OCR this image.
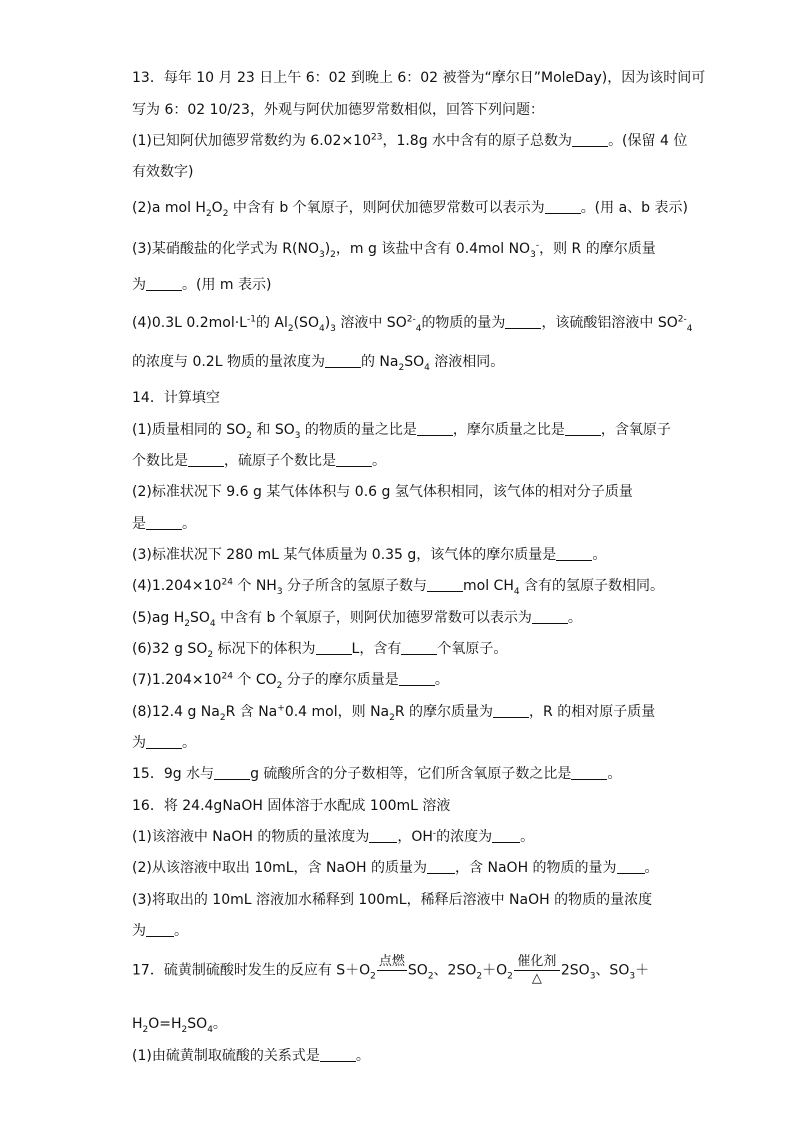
13．每年 10 月 23 日上午 6：02 到晚上 6：02 被誉为“摩尔日”MoleDay)，因为该时间可
写为 6：02 10/23，外观与阿伏加德罗常数相似，回答下列问题：
(1)已知阿伏加德罗常数约为 $6.02\times 10^{23}$，1.8g 水中含有的原子总数为	。(保留 4 位
有效数字)
(2)a mol $H_2O_2$ 中含有 b 个氧原子，则阿伏加德罗常数可以表示为	。(用 a、b 表示)
(3)某硝酸盐的化学式为 $R(NO_3)_2$，m g 该盐中含有 0.4mol $NO_3^-$，则 R 的摩尔质量
为	。(用 m 表示)
(4)0.3L $0.2mol\cdot L^{-1}$的 $Al_2(SO_4)_3$ 溶液中 $SO^{2-}_4$的物质的量为	，该硫酸铝溶液中 $SO^{2-}_4$
的浓度与 0.2L 物质的量浓度为	的 $Na_2SO_4$ 溶液相同。
14．计算填空
(1)质量相同的 $SO_2$ 和 $SO_3$ 的物质的量之比是	，摩尔质量之比是	，含氧原子
个数比是	，硫原子个数比是	。
(2)标准状况下 9.6 g 某气体体积与 0.6 g 氢气体积相同，该气体的相对分子质量
是	。
(3)标准状况下 280 mL 某气体质量为 0.35 g，该气体的摩尔质量是	。
$(4)1.204\times 10^{24}$ 个 $NH_3$ 分子所含的氢原子数与	mol $CH_4$ 含有的氢原子数相同。
(5)ag $H_2SO_4$ 中含有 b 个氧原子，则阿伏加德罗常数可以表示为	。
(6)32 g $SO_2$ 标况下的体积为	L，含有	个氧原子。
$(7)1.204\times 10^{24}$ 个 $CO_2$ 分子的摩尔质量是	。
(8)12.4 g $Na_2R$ 含 Na+0.4 mol，则 $Na_2R$ 的摩尔质量为	，R 的相对原子质量
为	。
15．9g 水与	g 硫酸所含的分子数相等，它们所含氧原子数之比是	。
16．将 24.4gNaOH 固体溶于水配成 100mL 溶液
(1)该溶液中 NaOH 的物质的量浓度为 ，OH-的浓度为 。
(2)从该溶液中取出 10mL，含 NaOH 的质量为 ，含 NaOH 的物质的量为 。
(3)将取出的 10mL 溶液加水稀释到 100mL，稀释后溶液中 NaOH 的物质的量浓度
为 。
17．硫黄制硫酸时发生的反应有 $S+O_2$
点燃
$SO_2$、$2SO_2+O_2$
催化剂
△	$2SO_3$、$SO_3+$
$H_2O=H_2SO_4$。
(1)由硫黄制取硫酸的关系式是	。
